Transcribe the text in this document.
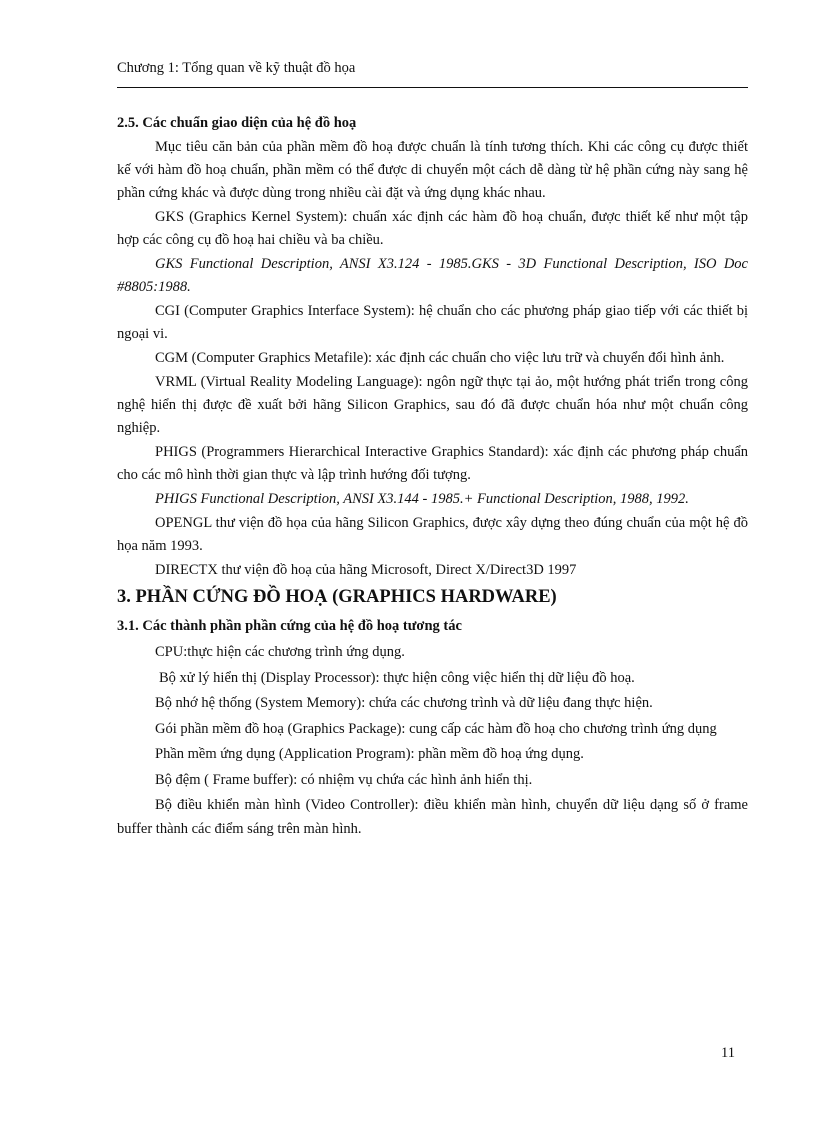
Chương 1: Tổng quan về kỹ thuật đồ họa
2.5. Các chuẩn giao diện của hệ đồ hoạ

Mục tiêu căn bản của phần mềm đồ hoạ được chuẩn là tính tương thích. Khi các công cụ được thiết kế với hàm đồ hoạ chuẩn, phần mềm có thể được di chuyển một cách dễ dàng từ hệ phần cứng này sang hệ phần cứng khác và được dùng trong nhiều cài đặt và ứng dụng khác nhau.

GKS (Graphics Kernel System): chuẩn xác định các hàm đồ hoạ chuẩn, được thiết kế như một tập hợp các công cụ đồ hoạ hai chiều và ba chiều.

GKS Functional Description, ANSI X3.124 - 1985.GKS - 3D Functional Description, ISO Doc #8805:1988.

CGI (Computer Graphics Interface System): hệ chuẩn cho các phương pháp giao tiếp với các thiết bị ngoại vi.

CGM (Computer Graphics Metafile): xác định các chuẩn cho việc lưu trữ và chuyển đổi hình ảnh.

VRML (Virtual Reality Modeling Language): ngôn ngữ thực tại ảo, một hướng phát triển trong công nghệ hiển thị được đề xuất bởi hãng Silicon Graphics, sau đó đã được chuẩn hóa như một chuẩn công nghiệp.

PHIGS (Programmers Hierarchical Interactive Graphics Standard): xác định các phương pháp chuẩn cho các mô hình thời gian thực và lập trình hướng đối tượng.

PHIGS Functional Description, ANSI X3.144 - 1985.+ Functional Description, 1988, 1992.

OPENGL thư viện đồ họa của hãng Silicon Graphics, được xây dựng theo đúng chuẩn của một hệ đồ họa năm 1993.

DIRECTX thư viện đồ hoạ của hãng Microsoft, Direct X/Direct3D 1997

3. PHẦN CỨNG ĐỒ HOẠ (GRAPHICS HARDWARE)
3.1. Các thành phần phần cứng của hệ đồ hoạ tương tác

CPU:thực hiện các chương trình ứng dụng.

Bộ xử lý hiển thị (Display Processor): thực hiện công việc hiển thị dữ liệu đồ hoạ.

Bộ nhớ hệ thống (System Memory): chứa các chương trình và dữ liệu đang thực hiện.

Gói phần mềm đồ hoạ (Graphics Package): cung cấp các hàm đồ hoạ cho chương trình ứng dụng

Phần mềm ứng dụng (Application Program): phần mềm đồ hoạ ứng dụng.

Bộ đệm ( Frame buffer): có nhiệm vụ chứa các hình ảnh hiển thị.

Bộ điều khiển màn hình (Video Controller): điều khiển màn hình, chuyển dữ liệu dạng số ở frame buffer thành các điểm sáng trên màn hình.

11
